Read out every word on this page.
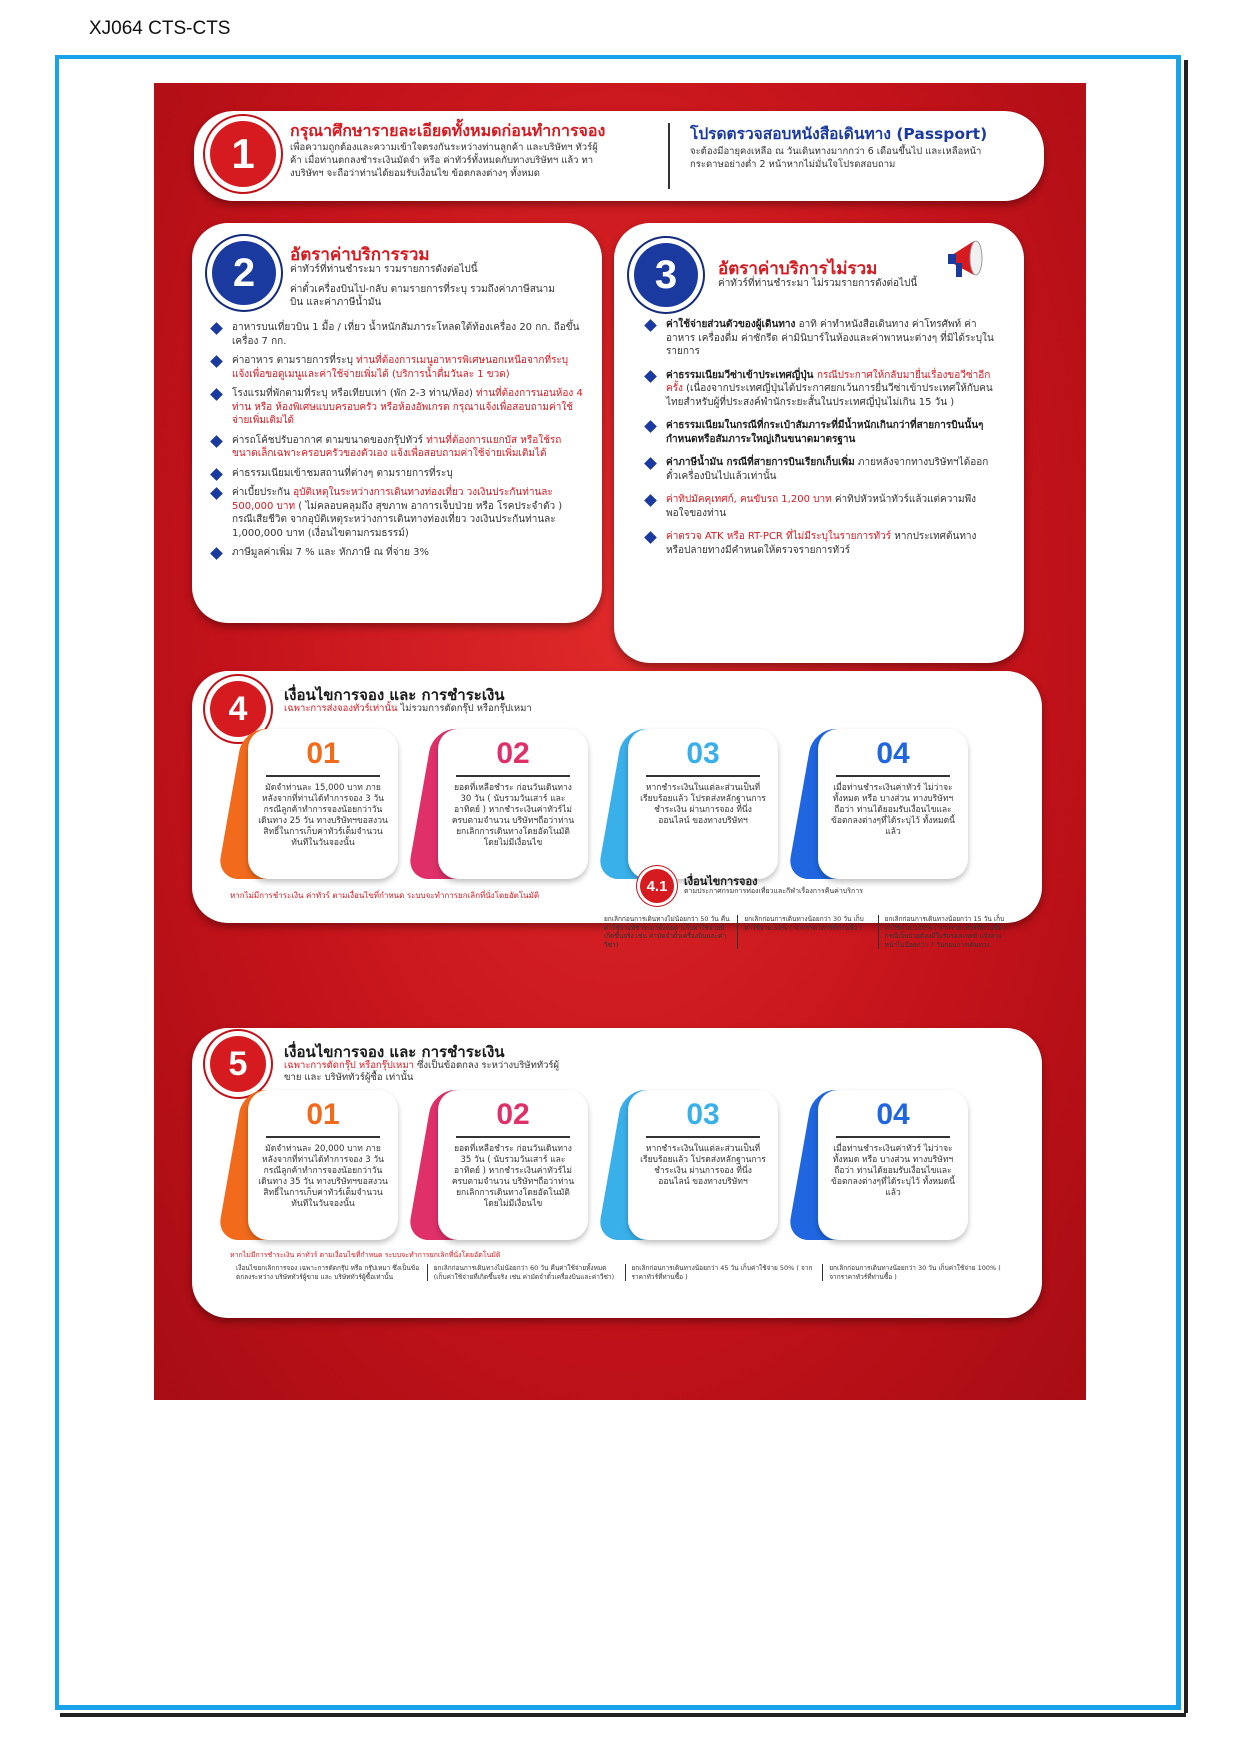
XJ064 CTS-CTS
1	กรุณาศึกษารายละเอียดทั้งหมดก่อนทำการจอง
เพื่อความถูกต้องและความเข้าใจตรงกันระหว่างท่านลูกค้า และบริษัทฯ ทัวร์ผู้ค้า เมื่อท่านตกลงชำระเงินมัดจำ หรือ ค่าทัวร์ทั้งหมดกับทางบริษัทฯ แล้ว ทางบริษัทฯ จะถือว่าท่านได้ยอมรับเงื่อนไข ข้อตกลงต่างๆ ทั้งหมด
โปรดตรวจสอบหนังสือเดินทาง (Passport)
จะต้องมีอายุคงเหลือ ณ วันเดินทางมากกว่า 6 เดือนขึ้นไป และเหลือหน้ากระดาษอย่างต่ำ 2 หน้าหากไม่มั่นใจโปรดสอบถาม
2	อัตราค่าบริการรวม
ค่าทัวร์ที่ท่านชำระมา รวมรายการดังต่อไปนี้
ค่าตั๋วเครื่องบินไป-กลับ ตามรายการที่ระบุ รวมถึงค่าภาษีสนามบิน และค่าภาษีน้ำมัน
อาหารบนเที่ยวบิน 1 มื้อ / เที่ยว น้ำหนักสัมภาระโหลดใต้ท้องเครื่อง 20 กก. ถือขึ้นเครื่อง 7 กก.
ค่าอาหาร ตามรายการที่ระบุ ท่านที่ต้องการเมนูอาหารพิเศษนอกเหนือจากที่ระบุ แจ้งเพื่อขอดูเมนูและค่าใช้จ่ายเพิ่มได้ (บริการน้ำดื่มวันละ 1 ขวด)
โรงแรมที่พักตามที่ระบุ หรือเทียบเท่า (พัก 2-3 ท่าน/ห้อง) ท่านที่ต้องการนอนห้อง 4 ท่าน หรือ ห้องพิเศษแบบครอบครัว หรือห้องอัพเกรด กรุณาแจ้งเพื่อสอบถามค่าใช้จ่ายเพิ่มเติมได้
ค่ารถโค้ชปรับอากาศ ตามขนาดของกรุ๊ปทัวร์ ท่านที่ต้องการแยกบัส หรือใช้รถขนาดเล็กเฉพาะครอบครัวของตัวเอง แจ้งเพื่อสอบถามค่าใช้จ่ายเพิ่มเติมได้
ค่าธรรมเนียมเข้าชมสถานที่ต่างๆ ตามรายการที่ระบุ
ค่าเบี้ยประกัน อุบัติเหตุในระหว่างการเดินทางท่องเที่ยว วงเงินประกันท่านละ 500,000 บาท ( ไม่คลอบคลุมถึง สุขภาพ อาการเจ็บป่วย หรือ โรคประจำตัว ) กรณีเสียชีวิต จากอุบัติเหตุระหว่างการเดินทางท่องเที่ยว วงเงินประกันท่านละ 1,000,000 บาท (เงื่อนไขตามกรมธรรม์)
ภาษีมูลค่าเพิ่ม 7 % และ หักภาษี ณ ที่จ่าย 3%
3	อัตราค่าบริการไม่รวม
ค่าทัวร์ที่ท่านชำระมา ไม่รวมรายการดังต่อไปนี้
ค่าใช้จ่ายส่วนตัวของผู้เดินทาง อาทิ ค่าทำหนังสือเดินทาง ค่าโทรศัพท์ ค่าอาหาร เครื่องดื่ม ค่าซักรีด ค่ามินิบาร์ในห้องและค่าพาหนะต่างๆ ที่มิได้ระบุในรายการ
ค่าธรรมเนียมวีซ่าเข้าประเทศญี่ปุ่น กรณีประกาศให้กลับมายื่นเรื่องขอวีซ่าอีกครั้ง (เนื่องจากประเทศญี่ปุ่นได้ประกาศยกเว้นการยื่นวีซ่าเข้าประเทศให้กับคนไทยสำหรับผู้ที่ประสงค์พำนักระยะสั้นในประเทศญี่ปุ่นไม่เกิน 15 วัน )
ค่าธรรมเนียมในกรณีที่กระเป๋าสัมภาระที่มีน้ำหนักเกินกว่าที่สายการบินนั้นๆกำหนดหรือสัมภาระใหญ่เกินขนาดมาตรฐาน
ค่าภาษีน้ำมัน กรณีที่สายการบินเรียกเก็บเพิ่ม ภายหลังจากทางบริษัทฯได้ออกตั๋วเครื่องบินไปแล้วเท่านั้น
ค่าทิปมัคคุเทศก์, คนขับรถ 1,200 บาท ค่าทิปหัวหน้าทัวร์แล้วแต่ความพึงพอใจของท่าน
ค่าตรวจ ATK หรือ RT-PCR ที่ไม่มีระบุในรายการทัวร์ หากประเทศต้นทางหรือปลายทางมีคำหนดให้ตรวจรายการทัวร์
4	เงื่อนไขการจอง และ การชำระเงิน
เฉพาะการส่งจองทัวร์เท่านั้น ไม่รวมการตัดกรุ๊ป หรือกรุ๊ปเหมา
01
มัดจำท่านละ 15,000 บาท ภายหลังจากที่ท่านได้ทำการจอง 3 วัน กรณีลูกค้าทำการจองน้อยกว่าวันเดินทาง 25 วัน ทางบริษัทฯขอสงวนสิทธิ์ในการเก็บค่าทัวร์เต็มจำนวน ทันทีในวันจองนั้น
02
ยอดที่เหลือชำระ ก่อนวันเดินทาง 30 วัน ( นับรวมวันเสาร์ และ อาทิตย์ ) หากชำระเงินค่าทัวร์ไม่ครบตามจำนวน บริษัทฯถือว่าท่านยกเลิกการเดินทางโดยอัตโนมัติ โดยไม่มีเงื่อนไข
03
หากชำระเงินในแต่ละส่วนเป็นที่เรียบร้อยแล้ว โปรดส่งหลักฐานการชำระเงิน ผ่านการจอง ที่นี่ง ออนไลน์ ของทางบริษัทฯ
04
เมื่อท่านชำระเงินค่าทัวร์ ไม่ว่าจะทั้งหมด หรือ บางส่วน ทางบริษัทฯถือว่า ท่านได้ยอมรับเงื่อนไขและ ข้อตกลงต่างๆที่ได้ระบุไว้ ทั้งหมดนี้แล้ว
หากไม่มีการชำระเงิน ค่าทัวร์ ตามเงื่อนไขที่กำหนด ระบบจะทำการยกเลิกที่นั่งโดยอัตโนมัติ
4.1	เงื่อนไขการจอง
ตามประกาศกรมการท่องเที่ยวและกีฬาเรื่องการคืนค่าบริการ
ยกเลิกก่อนการเดินทางไม่น้อยกว่า 50 วัน คืนค่าใช้จ่ายที่ชำระมาทั้งหมด (เก็บค่าใช้จ่ายที่เกิดขึ้นจริง เช่น ค่ามัดจำตั๋วเครื่องบินและค่าวีซ่า)
ยกเลิกก่อนการเดินทางน้อยกว่า 30 วัน เก็บค่าใช้จ่าย 50% ( จากราคาทัวร์ที่ท่านซื้อ )
ยกเลิกก่อนการเดินทางน้อยกว่า 15 วัน เก็บค่าใช้จ่าย 100% ( จากราคาทัวร์ที่ท่านซื้อ ) กรณีเจ็บป่วยต้องมีใบรับรองแพทย์ แจ้งล่วงหน้าไม่น้อยกว่า 7 วันก่อนการเดินทาง
5	เงื่อนไขการจอง และ การชำระเงิน
เฉพาะการตัดกรุ๊ป หรือกรุ๊ปเหมา ซึ่งเป็นข้อตกลง ระหว่างบริษัททัวร์ผู้ขาย และ บริษัททัวร์ผู้ซื้อ เท่านั้น
01
มัดจำท่านละ 20,000 บาท ภายหลังจากที่ท่านได้ทำการจอง 3 วัน กรณีลูกค้าทำการจองน้อยกว่าวันเดินทาง 35 วัน ทางบริษัทฯขอสงวนสิทธิ์ในการเก็บค่าทัวร์เต็มจำนวน ทันทีในวันจองนั้น
02
ยอดที่เหลือชำระ ก่อนวันเดินทาง 35 วัน ( นับรวมวันเสาร์ และ อาทิตย์ ) หากชำระเงินค่าทัวร์ไม่ครบตามจำนวน บริษัทฯถือว่าท่านยกเลิกการเดินทางโดยอัตโนมัติ โดยไม่มีเงื่อนไข
03
หากชำระเงินในแต่ละส่วนเป็นที่เรียบร้อยแล้ว โปรดส่งหลักฐานการชำระเงิน ผ่านการจอง ที่นี่ง ออนไลน์ ของทางบริษัทฯ
04
เมื่อท่านชำระเงินค่าทัวร์ ไม่ว่าจะทั้งหมด หรือ บางส่วน ทางบริษัทฯถือว่า ท่านได้ยอมรับเงื่อนไขและ ข้อตกลงต่างๆที่ได้ระบุไว้ ทั้งหมดนี้แล้ว
หากไม่มีการชำระเงิน ค่าทัวร์ ตามเงื่อนไขที่กำหนด ระบบจะทำการยกเลิกที่นั่งโดยอัตโนมัติ
เงื่อนไขยกเลิกการจอง เฉพาะการตัดกรุ๊ป หรือ กรุ๊ปเหมา ซึ่งเป็นข้อตกลงระหว่าง บริษัททัวร์ผู้ขาย และ บริษัททัวร์ผู้ซื้อเท่านั้น
ยกเลิกก่อนการเดินทางไม่น้อยกว่า 60 วัน คืนค่าใช้จ่ายทั้งหมด (เก็บค่าใช้จ่ายที่เกิดขึ้นจริง เช่น ค่ามัดจำตั๋วเครื่องบินและค่าวีซ่า)
ยกเลิกก่อนการเดินทางน้อยกว่า 45 วัน เก็บค่าใช้จ่าย 50% ( จากราคาทัวร์ที่ท่านซื้อ )
ยกเลิกก่อนการเดินทางน้อยกว่า 30 วัน เก็บค่าใช้จ่าย 100% ( จากราคาทัวร์ที่ท่านซื้อ )
